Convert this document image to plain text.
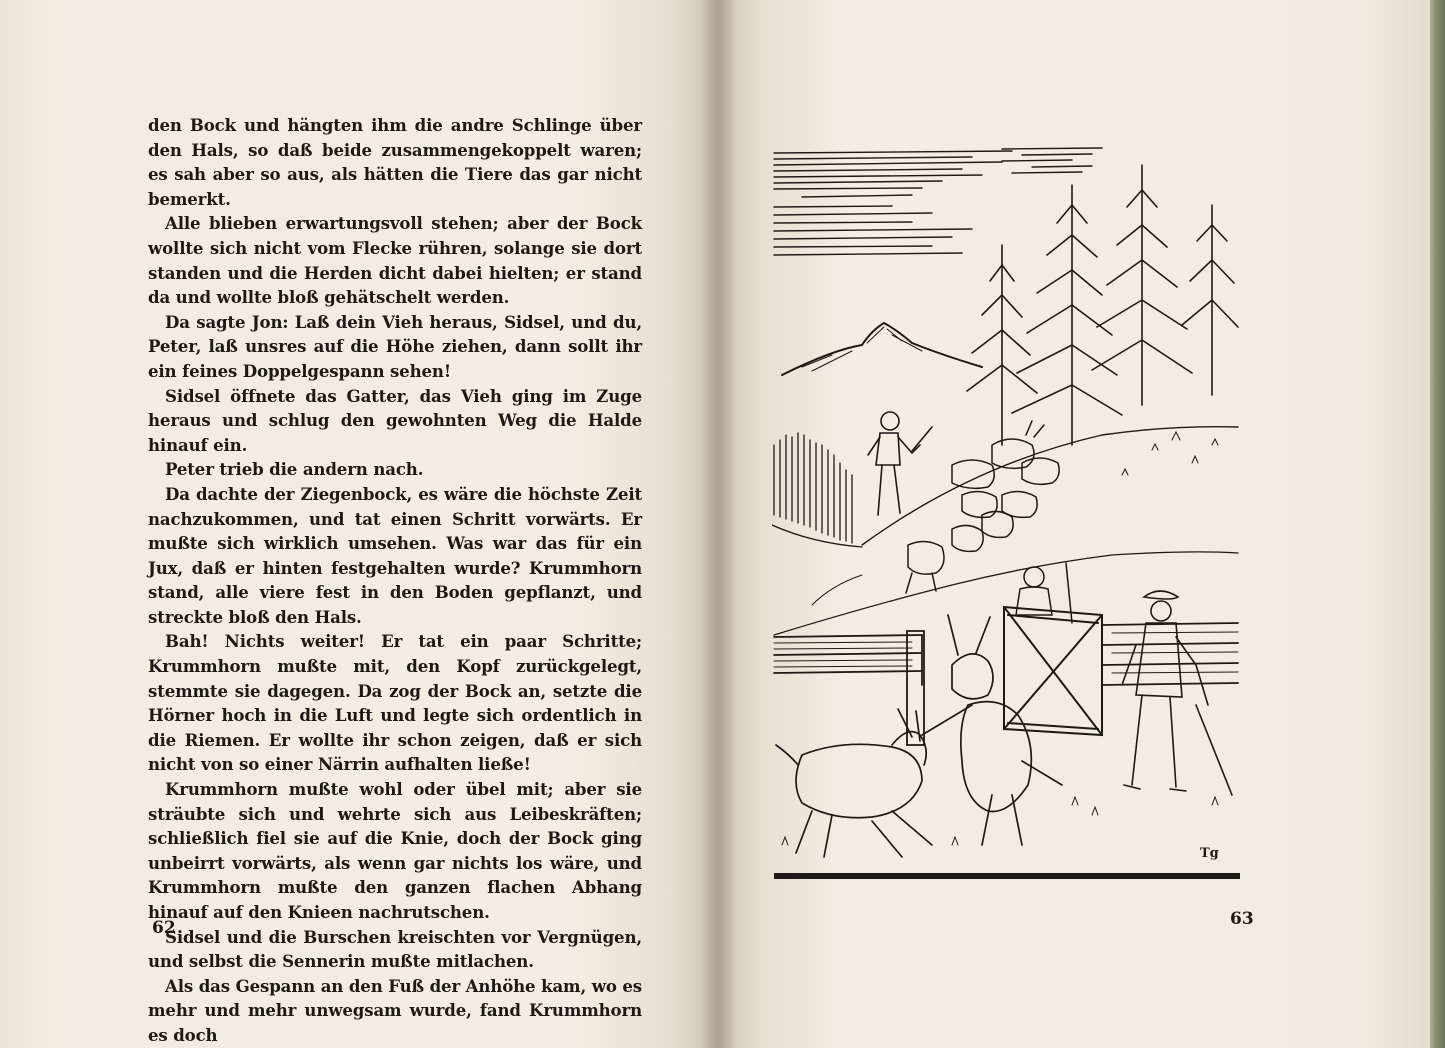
den Bock und hängten ihm die andre Schlinge über den Hals, so daß beide zusammengekoppelt waren; es sah aber so aus, als hätten die Tiere das gar nicht bemerkt.

Alle blieben erwartungsvoll stehen; aber der Bock wollte sich nicht vom Flecke rühren, solange sie dort standen und die Herden dicht dabei hielten; er stand da und wollte bloß gehätschelt werden.

Da sagte Jon: Laß dein Vieh heraus, Sidsel, und du, Peter, laß unsres auf die Höhe ziehen, dann sollt ihr ein feines Doppelgespann sehen!

Sidsel öffnete das Gatter, das Vieh ging im Zuge heraus und schlug den gewohnten Weg die Halde hinauf ein.

Peter trieb die andern nach.

Da dachte der Ziegenbock, es wäre die höchste Zeit nachzukommen, und tat einen Schritt vorwärts. Er mußte sich wirklich umsehen. Was war das für ein Jux, daß er hinten festgehalten wurde? Krummhorn stand, alle viere fest in den Boden gepflanzt, und streckte bloß den Hals.

Bah! Nichts weiter! Er tat ein paar Schritte; Krummhorn mußte mit, den Kopf zurückgelegt, stemmte sie dagegen. Da zog der Bock an, setzte die Hörner hoch in die Luft und legte sich ordentlich in die Riemen. Er wollte ihr schon zeigen, daß er sich nicht von so einer Närrin aufhalten ließe!

Krummhorn mußte wohl oder übel mit; aber sie sträubte sich und wehrte sich aus Leibeskräften; schließlich fiel sie auf die Knie, doch der Bock ging unbeirrt vorwärts, als wenn gar nichts los wäre, und Krummhorn mußte den ganzen flachen Abhang hinauf auf den Knieen nachrutschen.

Sidsel und die Burschen kreischten vor Vergnügen, und selbst die Sennerin mußte mitlachen.

Als das Gespann an den Fuß der Anhöhe kam, wo es mehr und mehr unwegsam wurde, fand Krummhorn es doch

62
Tg
63
